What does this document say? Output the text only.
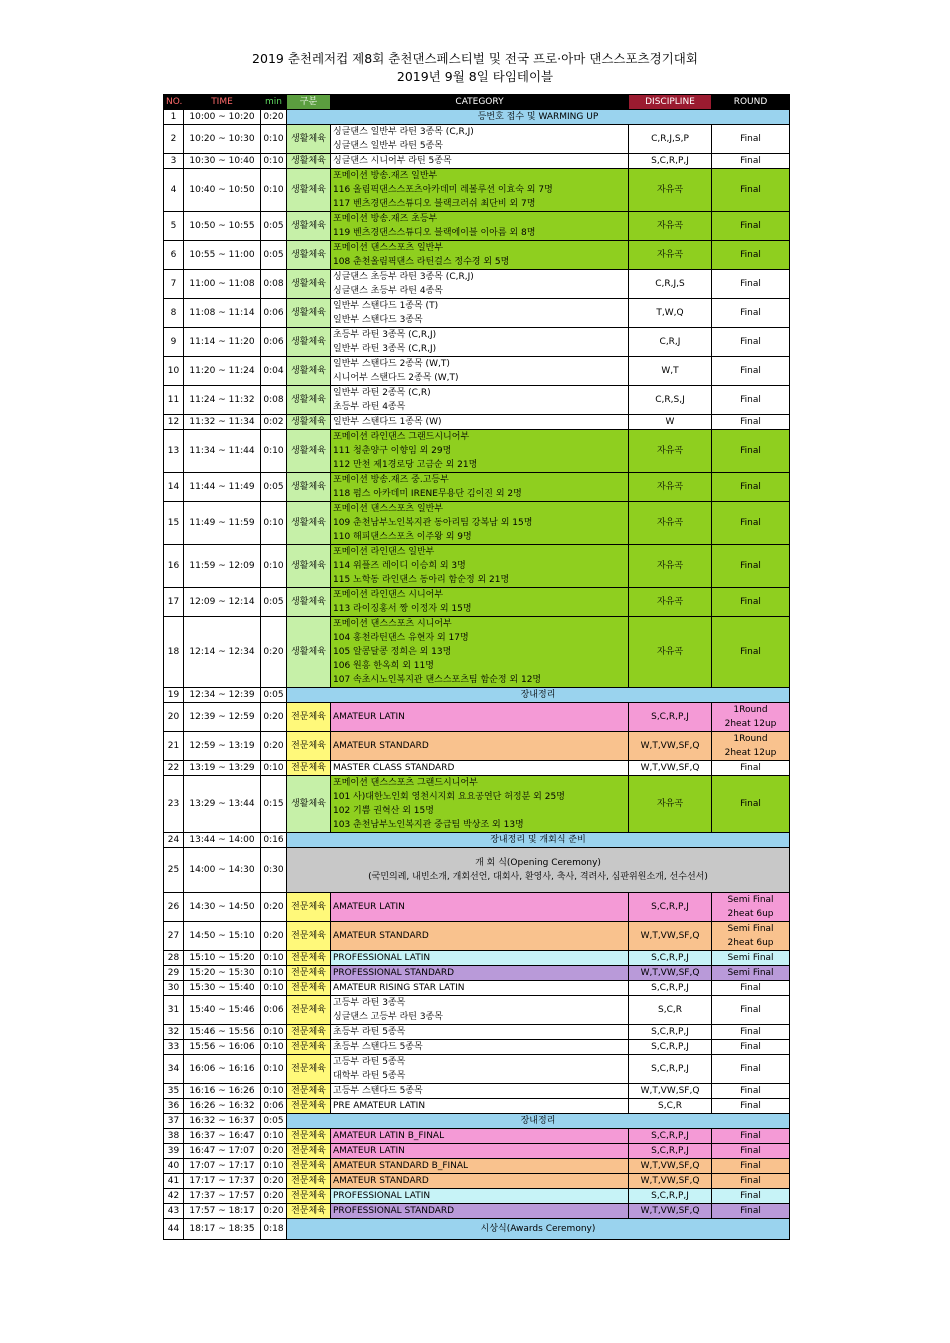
2019 춘천레저컵 제8회 춘천댄스페스티벌 및 전국 프로·아마 댄스스포츠경기대회
2019년 9월 8일 타임테이블
NO.	TIME	min	구분	CATEGORY	DISCIPLINE	ROUND
1	10:00 ~ 10:20	0:20	등번호 접수 및 WARMING UP			

2	10:20 ~ 10:30	0:10	생활체육	싱글댄스 일반부 라틴 3종목 (C,R,J)
싱글댄스 일반부 라틴 5종목	C,R,J,S,P	Final

3	10:30 ~ 10:40	0:10	생활체육	싱글댄스 시니어부 라틴 5종목	S,C,R,P,J	Final

4	10:40 ~ 10:50	0:10	생활체육	포메이션 방송.재즈 일반부
116 올림픽댄스스포츠아카데미 레볼루션 이효숙 외 7명
117 벤츠경댄스스튜디오 블랙크러쉬 최단비 외 7명	자유곡	Final

5	10:50 ~ 10:55	0:05	생활체육	포메이션 방송.재즈 초등부
119 벤츠경댄스스튜디오 블랙에이블 이아름 외 8명	자유곡	Final

6	10:55 ~ 11:00	0:05	생활체육	포메이션 댄스스포츠 일반부
108 춘천올림픽댄스 라틴걸스 정수경 외 5명	자유곡	Final

7	11:00 ~ 11:08	0:08	생활체육	싱글댄스 초등부 라틴 3종목 (C,R,J)
싱글댄스 초등부 라틴 4종목	C,R,J,S	Final

8	11:08 ~ 11:14	0:06	생활체육	일반부 스탠다드 1종목 (T)
일반부 스탠다드 3종목	T,W,Q	Final

9	11:14 ~ 11:20	0:06	생활체육	초등부 라틴 3종목 (C,R,J)
일반부 라틴 3종목 (C,R,J)	C,R,J	Final

10	11:20 ~ 11:24	0:04	생활체육	일반부 스탠다드 2종목 (W,T)
시니어부 스탠다드 2종목 (W,T)	W,T	Final

11	11:24 ~ 11:32	0:08	생활체육	일반부 라틴 2종목 (C,R)
초등부 라틴 4종목	C,R,S,J	Final

12	11:32 ~ 11:34	0:02	생활체육	일반부 스탠다드 1종목 (W)	W	Final

13	11:34 ~ 11:44	0:10	생활체육	포메이션 라인댄스 그랜드시니어부
111 청춘양구 이향임 외 29명
112 만천 제1경로당 고금순 외 21명	자유곡	Final

14	11:44 ~ 11:49	0:05	생활체육	포메이션 방송.재즈 중.고등부
118 펌스 아카데미 IRENE무용단 김이진 외 2명	자유곡	Final

15	11:49 ~ 11:59	0:10	생활체육	포메이션 댄스스포츠 일반부
109 춘천남부노인복지관 동아리팀 강복남 외 15명
110 해피댄스스포츠 이주왕 외 9명	자유곡	Final

16	11:59 ~ 12:09	0:10	생활체육	포메이션 라인댄스 일반부
114 위플즈 레이디 이승희 외 3명
115 노학동 라인댄스 동아리 함순정 외 21명	자유곡	Final

17	12:09 ~ 12:14	0:05	생활체육	포메이션 라인댄스 시니어부
113 라이징홍서 짱 이정자 외 15명	자유곡	Final

18	12:14 ~ 12:34	0:20	생활체육	포메이션 댄스스포츠 시니어부
104 홍천라틴댄스 유현자 외 17명
105 알콩달콩 정희은 외 13명
106 원흥 한옥희 외 11명
107 속초시노인복지관 댄스스포츠팀 함순정 외 12명	자유곡	Final

19	12:34 ~ 12:39	0:05	장내정리			

20	12:39 ~ 12:59	0:20	전문체육	AMATEUR LATIN	S,C,R,P,J	1Round
2heat 12up

21	12:59 ~ 13:19	0:20	전문체육	AMATEUR STANDARD	W,T,VW,SF,Q	1Round
2heat 12up

22	13:19 ~ 13:29	0:10	전문체육	MASTER CLASS STANDARD	W,T,VW,SF,Q	Final

23	13:29 ~ 13:44	0:15	생활체육	포메이션 댄스스포츠 그랜드시니어부
101 사)대한노인회 영천시지회 요요공연단 허정분 외 25명
102 기쁨 권혁산 외 15명
103 춘천남부노인복지관 중급팀 박상조 외 13명	자유곡	Final

24	13:44 ~ 14:00	0:16	장내정리 및 개회식 준비			

25	14:00 ~ 14:30	0:30	개 회 식(Opening Ceremony)
(국민의례, 내빈소개, 개회선언, 대회사, 환영사, 축사, 격려사, 심판위원소개, 선수선서)			

26	14:30 ~ 14:50	0:20	전문체육	AMATEUR LATIN	S,C,R,P,J	Semi Final
2heat 6up

27	14:50 ~ 15:10	0:20	전문체육	AMATEUR STANDARD	W,T,VW,SF,Q	Semi Final
2heat 6up

28	15:10 ~ 15:20	0:10	전문체육	PROFESSIONAL LATIN	S,C,R,P,J	Semi Final

29	15:20 ~ 15:30	0:10	전문체육	PROFESSIONAL STANDARD	W,T,VW,SF,Q	Semi Final

30	15:30 ~ 15:40	0:10	전문체육	AMATEUR RISING STAR LATIN	S,C,R,P,J	Final

31	15:40 ~ 15:46	0:06	전문체육	고등부 라틴 3종목
싱글댄스 고등부 라틴 3종목	S,C,R	Final

32	15:46 ~ 15:56	0:10	전문체육	초등부 라틴 5종목	S,C,R,P,J	Final

33	15:56 ~ 16:06	0:10	전문체육	초등부 스탠다드 5종목	S,C,R,P,J	Final

34	16:06 ~ 16:16	0:10	전문체육	고등부 라틴 5종목
대학부 라틴 5종목	S,C,R,P,J	Final

35	16:16 ~ 16:26	0:10	전문체육	고등부 스탠다드 5종목	W,T,VW,SF,Q	Final

36	16:26 ~ 16:32	0:06	전문체육	PRE AMATEUR LATIN	S,C,R	Final

37	16:32 ~ 16:37	0:05	장내정리			

38	16:37 ~ 16:47	0:10	전문체육	AMATEUR LATIN B_FINAL	S,C,R,P,J	Final

39	16:47 ~ 17:07	0:20	전문체육	AMATEUR LATIN	S,C,R,P,J	Final

40	17:07 ~ 17:17	0:10	전문체육	AMATEUR STANDARD B_FINAL	W,T,VW,SF,Q	Final

41	17:17 ~ 17:37	0:20	전문체육	AMATEUR STANDARD	W,T,VW,SF,Q	Final

42	17:37 ~ 17:57	0:20	전문체육	PROFESSIONAL LATIN	S,C,R,P,J	Final

43	17:57 ~ 18:17	0:20	전문체육	PROFESSIONAL STANDARD	W,T,VW,SF,Q	Final

44	18:17 ~ 18:35	0:18	시상식(Awards Ceremony)			
